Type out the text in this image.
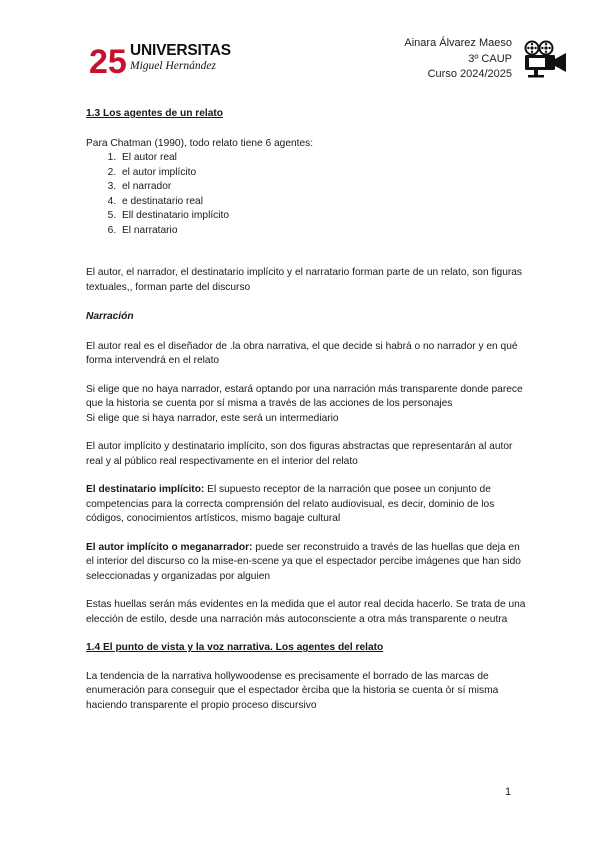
25 UNIVERSITAS
Miguel Hernández
Ainara Álvarez Maeso
3º CAUP
Curso 2024/2025

1.3 Los agentes de un relato

Para Chatman (1990), todo relato tiene 6 agentes:

1. El autor real
2. el autor implícito
3. el narrador
4. e destinatario real
5. Ell destinatario implícito
6. El narratario

El autor, el narrador, el destinatario implícito y el narratario forman parte de un relato, son figuras textuales,, forman parte del discurso

Narración

El autor real es el diseñador de .la obra narrativa, el que decide si habrá o no narrador y en qué forma intervendrá en el relato

Si elige que no haya narrador, estará optando por una narración más transparente donde parece que la historia se cuenta por sí misma a través de las acciones de los personajes

Si elige que si haya narrador, este será un intermediario

El autor implícito y destinatario implícito, son dos figuras abstractas que representarán al autor real y al público real respectivamente en el interior del relato

El destinatario implícito: El supuesto receptor de la narración que posee un conjunto de competencias para la correcta comprensión del relato audiovisual, es decir, dominio de los códigos, conocimientos artísticos, mismo bagaje cultural

El autor implícito o meganarrador: puede ser reconstruido a través de las huellas que deja en el interior del discurso co la mise-en-scene ya que el espectador percibe imágenes que han sido seleccionadas y organizadas por alguien

Estas huellas serán más evidentes en la medida que el autor real decida hacerlo. Se trata de una elección de estilo, desde una narración más autoconsciente a otra más transparente o neutra

1.4 El punto de vista y la voz narrativa. Los agentes del relato

La tendencia de la narrativa hollywoodense es precisamente el borrado de las marcas de enumeración para conseguir que el espectador èrciba que la historia se cuenta òr sí misma haciendo transparente el propio proceso discursivo

1
